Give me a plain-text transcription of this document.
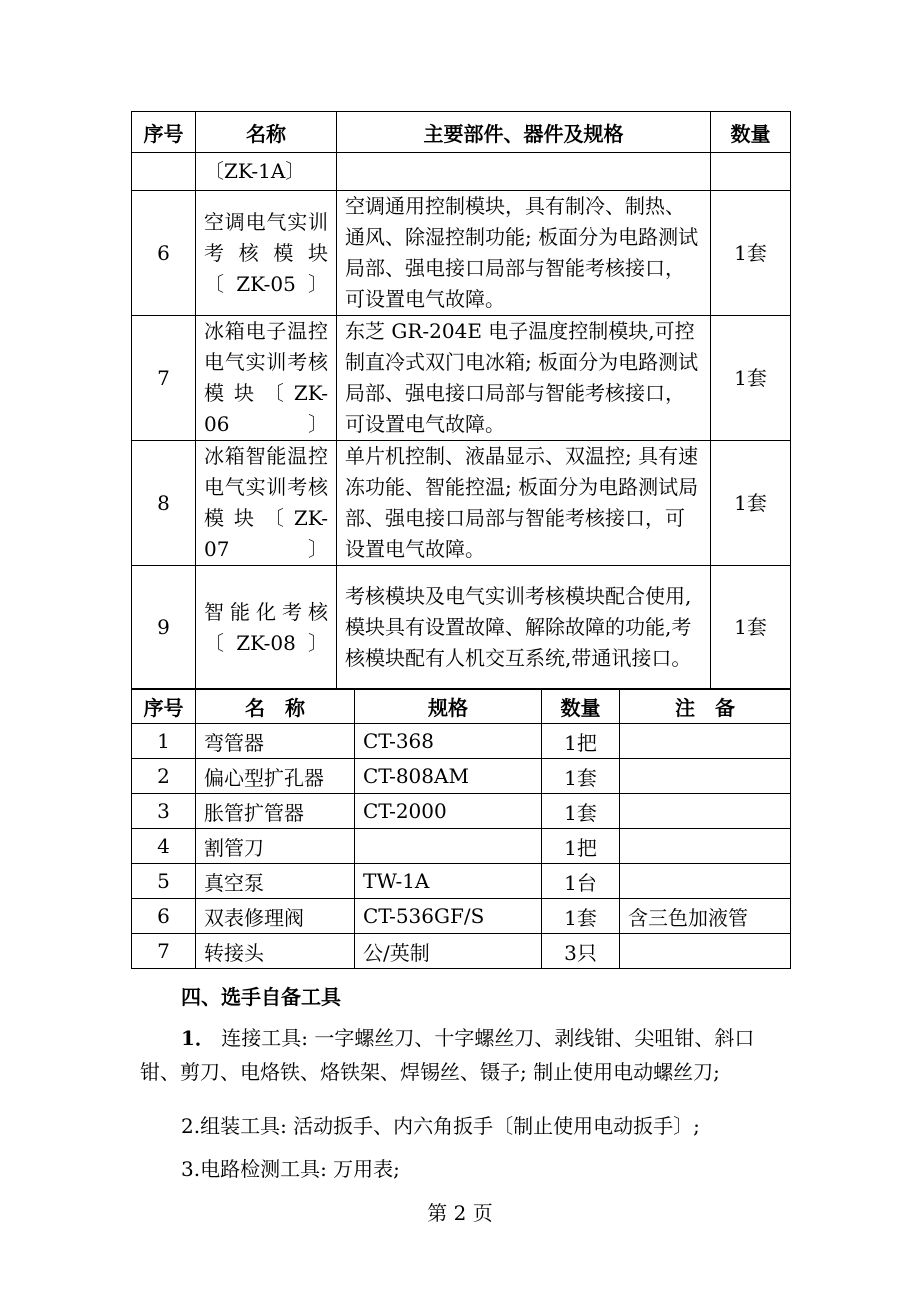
序号	名称	主要部件、器件及规格	数量
	〔ZK-1A〕		
6	空调电气实训考核模块〔ZK-05〕	空调通用控制模块，具有制冷、制热、通风、除湿控制功能; 板面分为电路测试局部、强电接口局部与智能考核接口，可设置电气故障。	1套
7	冰箱电子温控电气实训考核模块〔ZK-06〕	东芝 GR-204E 电子温度控制模块,可控制直冷式双门电冰箱; 板面分为电路测试局部、强电接口局部与智能考核接口，可设置电气故障。	1套
8	冰箱智能温控电气实训考核模块〔ZK-07〕	单片机控制、液晶显示、双温控; 具有速冻功能、智能控温; 板面分为电路测试局部、强电接口局部与智能考核接口，可设置电气故障。	1套
9	智能化考核〔ZK-08〕	考核模块及电气实训考核模块配合使用,模块具有设置故障、解除故障的功能,考核模块配有人机交互系统,带通讯接口。	1套
序号	名　称	规格	数量	注　备
1	弯管器	CT-368	1把	
2	偏心型扩孔器	CT-808AM	1套	
3	胀管扩管器	CT-2000	1套	
4	割管刀		1把	
5	真空泵	TW-1A	1台	
6	双表修理阀	CT-536GF/S	1套	含三色加液管
7	转接头	公/英制	3只	
四、选手自备工具
1． 连接工具: 一字螺丝刀、十字螺丝刀、剥线钳、尖咀钳、斜口钳、剪刀、电烙铁、烙铁架、焊锡丝、镊子; 制止使用电动螺丝刀;
2.组装工具: 活动扳手、内六角扳手〔制止使用电动扳手〕;
3.电路检测工具: 万用表;
第 2 页
